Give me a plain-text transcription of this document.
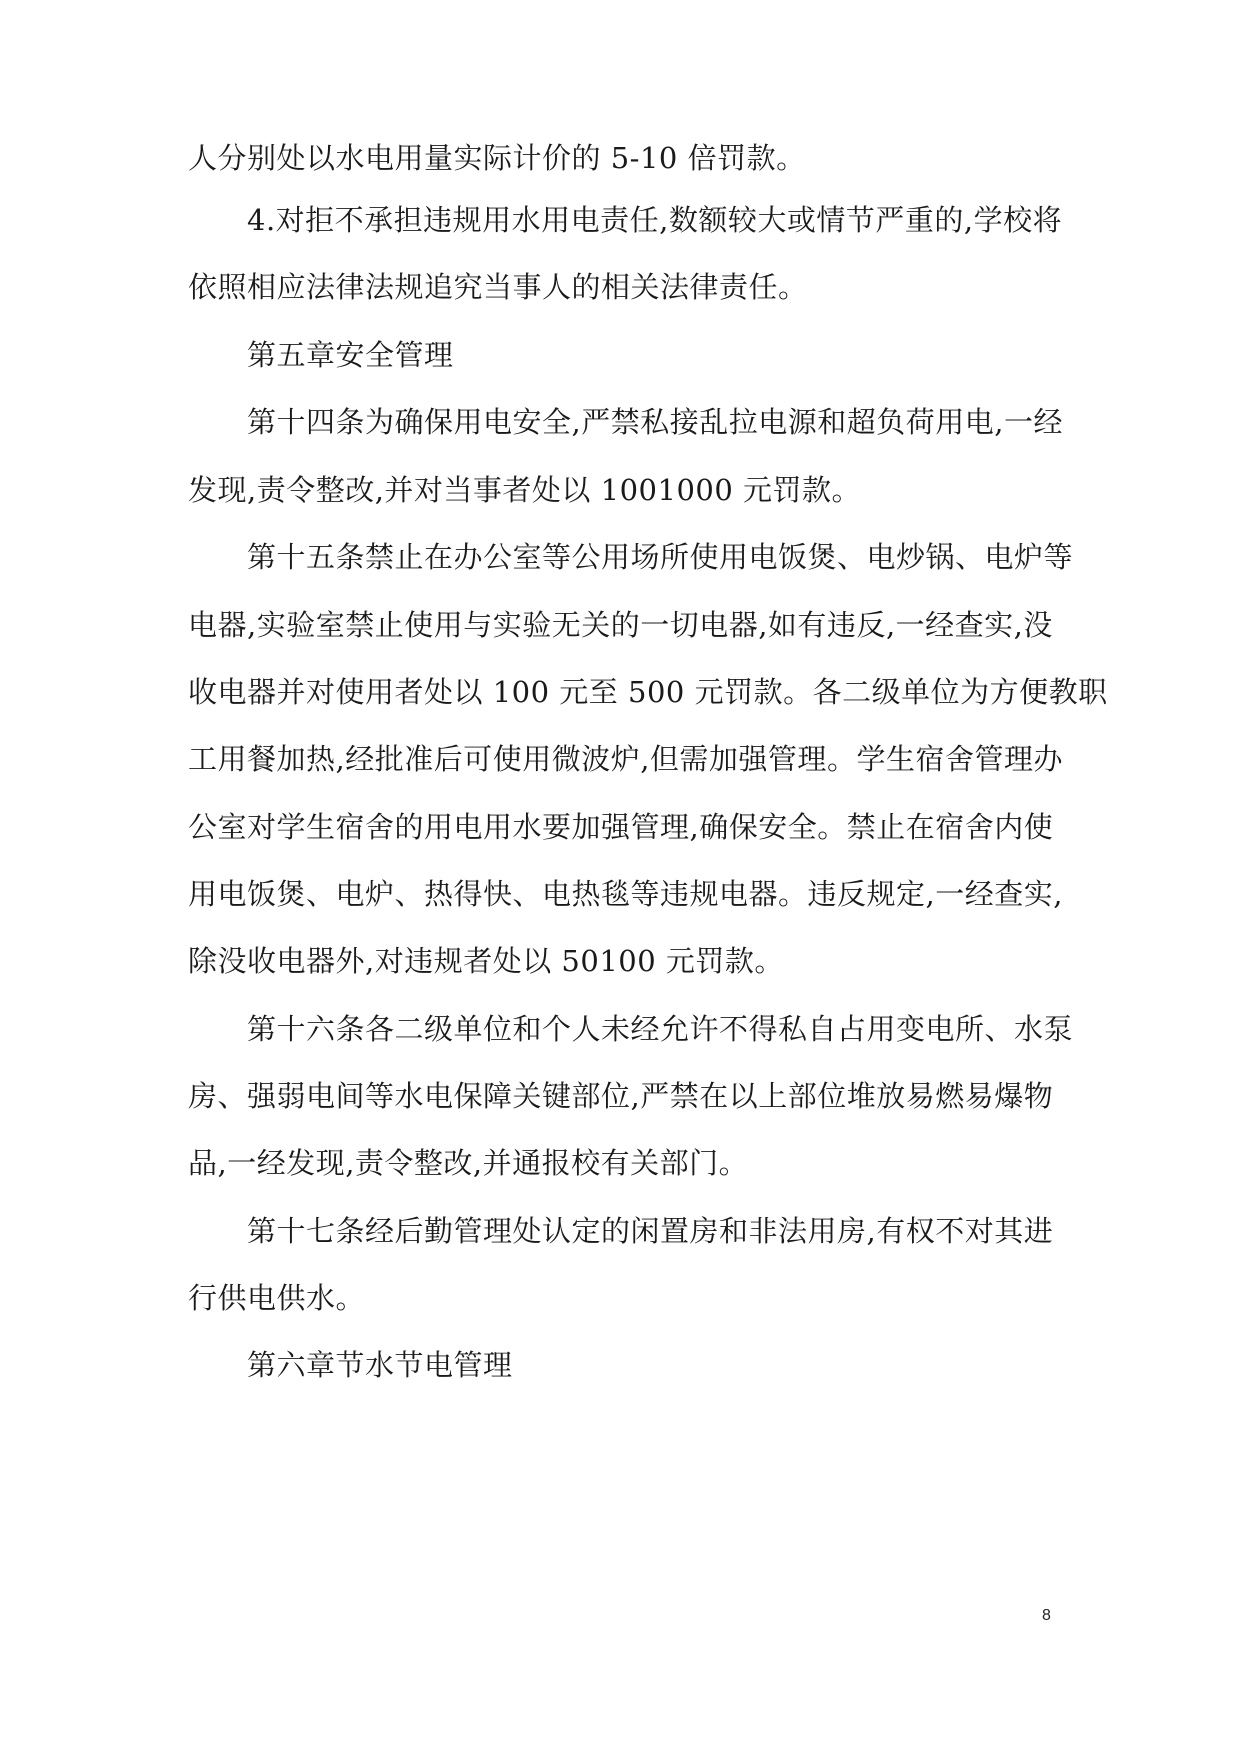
人分别处以水电用量实际计价的 5-10 倍罚款。

4.对拒不承担违规用水用电责任,数额较大或情节严重的,学校将

依照相应法律法规追究当事人的相关法律责任。

第五章安全管理

第十四条为确保用电安全,严禁私接乱拉电源和超负荷用电,一经

发现,责令整改,并对当事者处以 1001000 元罚款。

第十五条禁止在办公室等公用场所使用电饭煲、电炒锅、电炉等

电器,实验室禁止使用与实验无关的一切电器,如有违反,一经查实,没

收电器并对使用者处以 100 元至 500 元罚款。各二级单位为方便教职

工用餐加热,经批准后可使用微波炉,但需加强管理。学生宿舍管理办

公室对学生宿舍的用电用水要加强管理,确保安全。禁止在宿舍内使

用电饭煲、电炉、热得快、电热毯等违规电器。违反规定,一经查实,

除没收电器外,对违规者处以 50100 元罚款。

第十六条各二级单位和个人未经允许不得私自占用变电所、水泵

房、强弱电间等水电保障关键部位,严禁在以上部位堆放易燃易爆物

品,一经发现,责令整改,并通报校有关部门。

第十七条经后勤管理处认定的闲置房和非法用房,有权不对其进

行供电供水。

第六章节水节电管理

8
